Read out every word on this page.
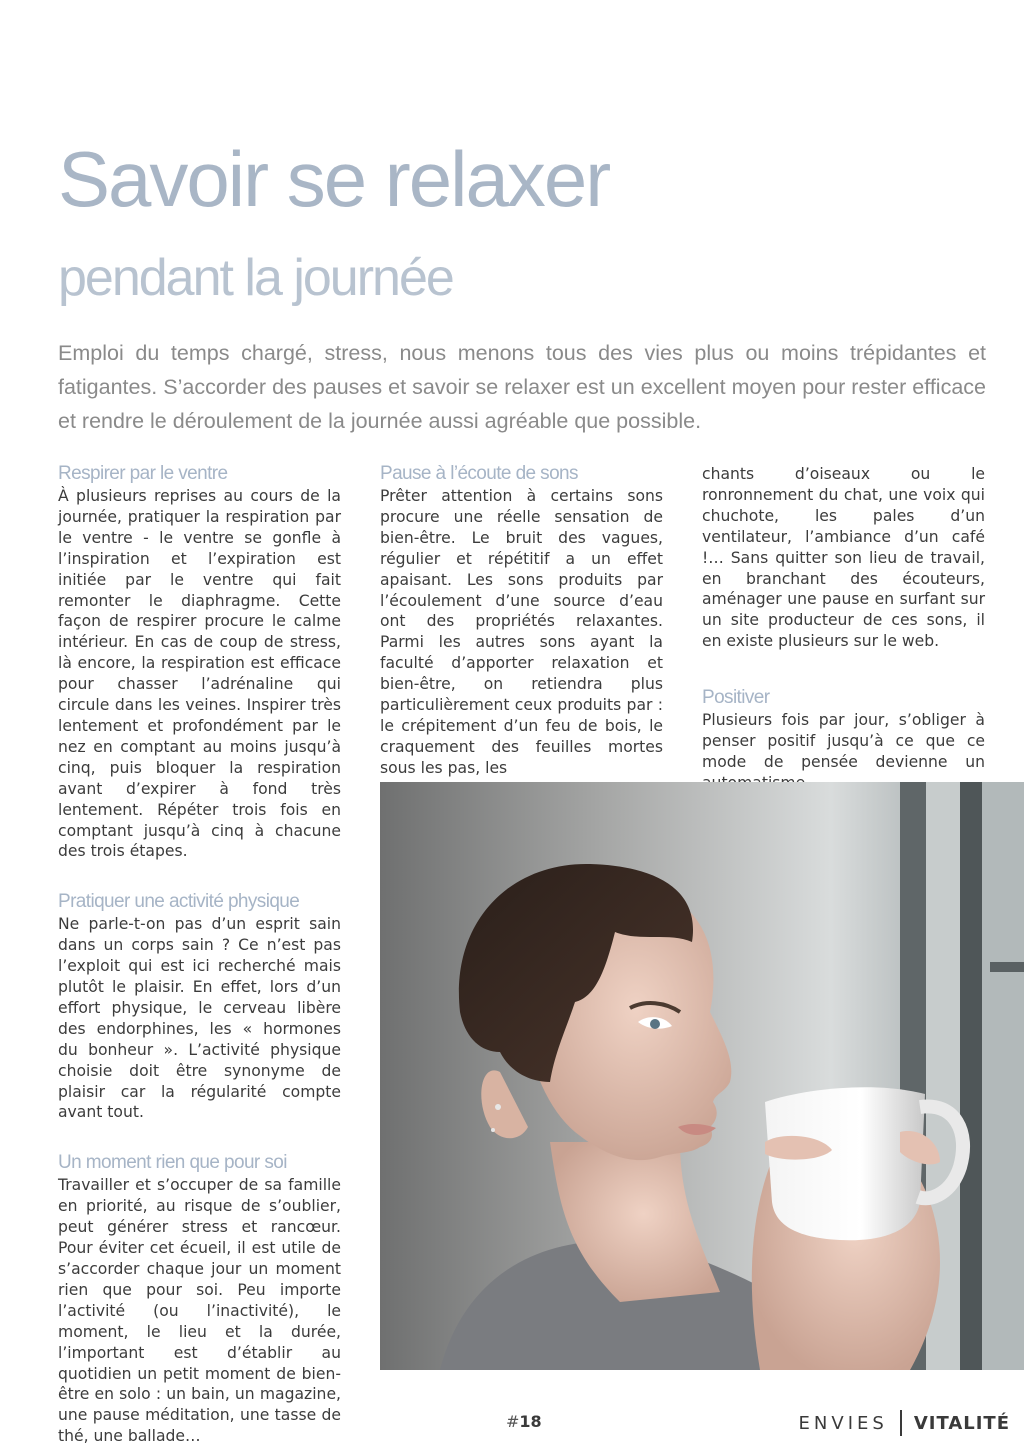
Savoir se relaxer
pendant la journée

Emploi du temps chargé, stress, nous menons tous des vies plus ou moins trépidantes et fatigantes. S’accorder des pauses et savoir se relaxer est un excellent moyen pour rester efficace et rendre le déroulement de la journée aussi agréable que possible.

Respirer par le ventre

À plusieurs reprises au cours de la journée, pratiquer la respiration par le ventre - le ventre se gonfle à l’inspiration et l’expiration est initiée par le ventre qui fait remonter le diaphragme. Cette façon de respirer procure le calme intérieur. En cas de coup de stress, là encore, la respiration est efficace pour chasser l’adrénaline qui circule dans les veines. Inspirer très lentement et profondément par le nez en comptant au moins jusqu’à cinq, puis bloquer la respiration avant d’expirer à fond très lentement. Répéter trois fois en comptant jusqu’à cinq à chacune des trois étapes.

Pratiquer une activité physique

Ne parle-t-on pas d’un esprit sain dans un corps sain ? Ce n’est pas l’exploit qui est ici recherché mais plutôt le plaisir. En effet, lors d’un effort physique, le cerveau libère des endorphines, les « hormones du bonheur ». L’activité physique choisie doit être synonyme de plaisir car la régularité compte avant tout.

Un moment rien que pour soi

Travailler et s’occuper de sa famille en priorité, au risque de s’oublier, peut générer stress et rancœur. Pour éviter cet écueil, il est utile de s’accorder chaque jour un moment rien que pour soi. Peu importe l’activité (ou l’inactivité), le moment, le lieu et la durée, l’important est d’établir au quotidien un petit moment de bien-être en solo : un bain, un magazine, une pause méditation, une tasse de thé, une ballade…

Pause à l’écoute de sons

Prêter attention à certains sons procure une réelle sensation de bien-être. Le bruit des vagues, régulier et répétitif a un effet apaisant. Les sons produits par l’écoulement d’une source d’eau ont des propriétés relaxantes. Parmi les autres sons ayant la faculté d’apporter relaxation et bien-être, on retiendra plus particulièrement ceux produits par : le crépitement d’un feu de bois, le craquement des feuilles mortes sous les pas, les

chants d’oiseaux ou le ronronnement du chat, une voix qui chuchote, les pales d’un ventilateur, l’ambiance d’un café !… Sans quitter son lieu de travail, en branchant des écouteurs, aménager une pause en surfant sur un site producteur de ces sons, il en existe plusieurs sur le web.

Positiver

Plusieurs fois par jour, s’obliger à penser positif jusqu’à ce que ce mode de pensée devienne un

#18	ENVIES VITALITÉ
